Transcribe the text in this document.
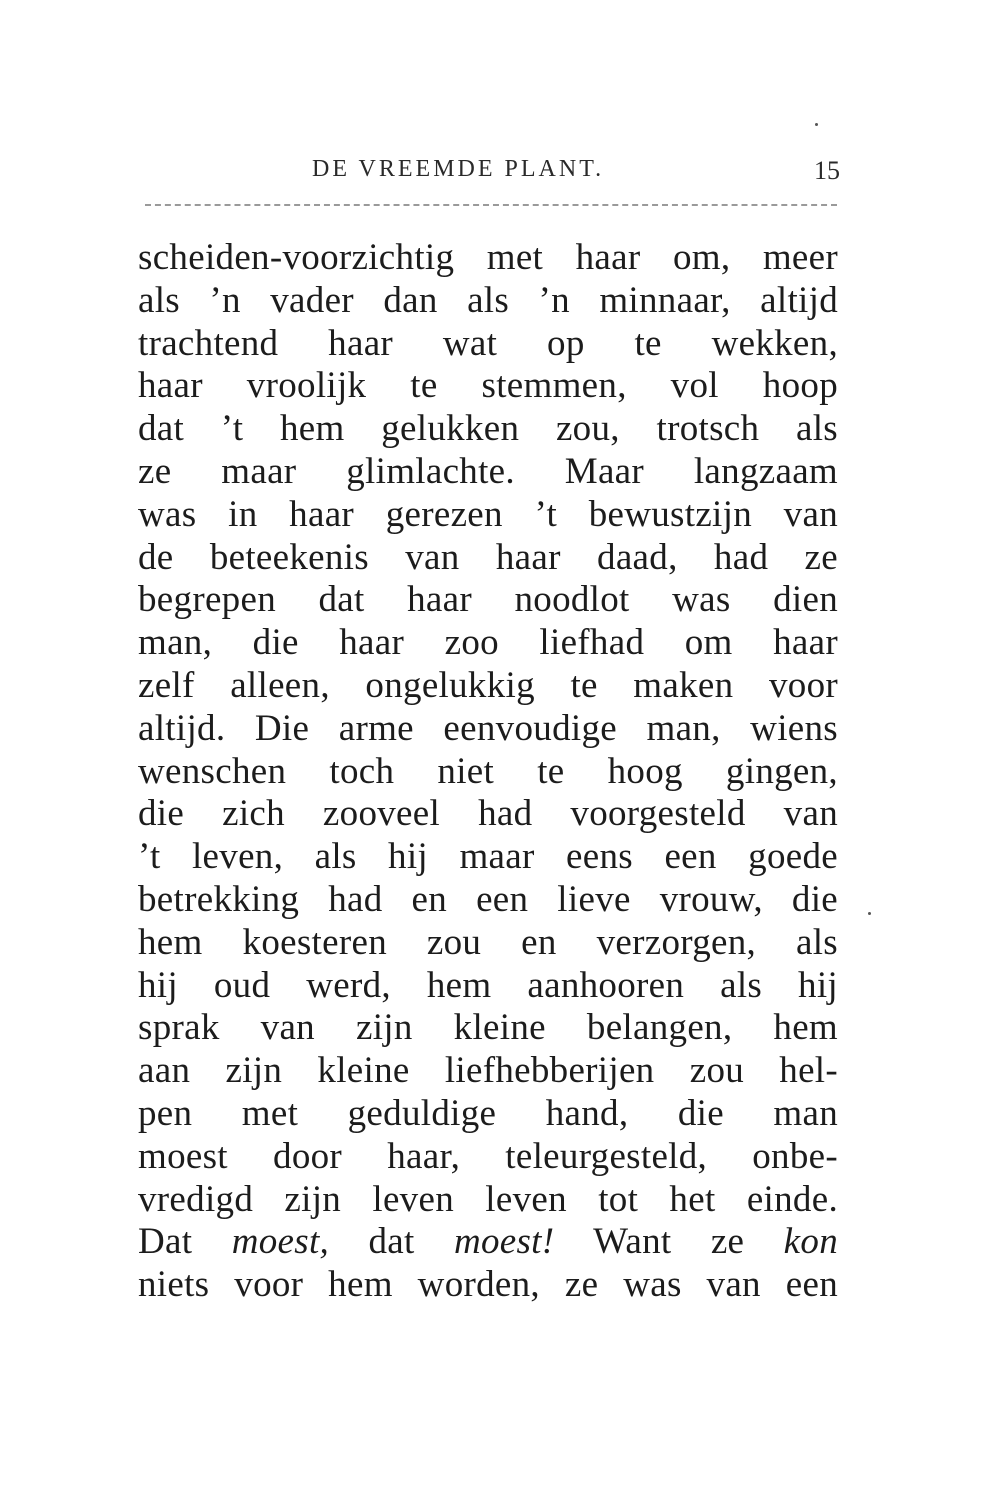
DE VREEMDE PLANT.	15
scheiden-voorzichtig met haar om, meer
als ’n vader dan als ’n minnaar, altijd
trachtend haar wat op te wekken,
haar vroolijk te stemmen, vol hoop
dat ’t hem gelukken zou, trotsch als
ze maar glimlachte. Maar langzaam
was in haar gerezen ’t bewustzijn van
de beteekenis van haar daad, had ze
begrepen dat haar noodlot was dien
man, die haar zoo liefhad om haar
zelf alleen, ongelukkig te maken voor
altijd. Die arme eenvoudige man, wiens
wenschen toch niet te hoog gingen,
die zich zooveel had voorgesteld van
’t leven, als hij maar eens een goede
betrekking had en een lieve vrouw, die
hem koesteren zou en verzorgen, als
hij oud werd, hem aanhooren als hij
sprak van zijn kleine belangen, hem
aan zijn kleine liefhebberijen zou hel-
pen met geduldige hand, die man
moest door haar, teleurgesteld, onbe-
vredigd zijn leven leven tot het einde.
Dat moest, dat moest! Want ze kon
niets voor hem worden, ze was van een
